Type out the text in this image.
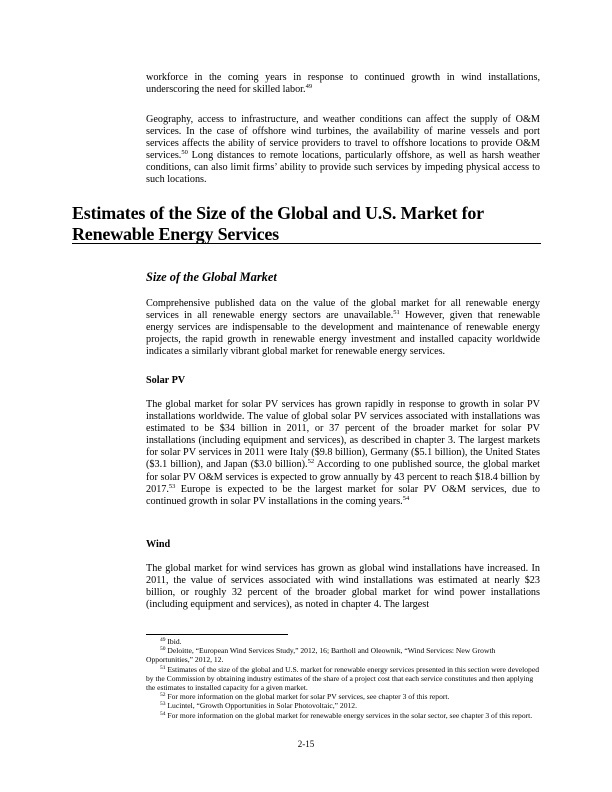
workforce in the coming years in response to continued growth in wind installations, underscoring the need for skilled labor.$^{49}$

Geography, access to infrastructure, and weather conditions can affect the supply of O&M services. In the case of offshore wind turbines, the availability of marine vessels and port services affects the ability of service providers to travel to offshore locations to provide O&M services.$^{50}$ Long distances to remote locations, particularly offshore, as well as harsh weather conditions, can also limit firms’ ability to provide such services by impeding physical access to such locations.

Estimates of the Size of the Global and U.S. Market for Renewable Energy Services
Size of the Global Market

Comprehensive published data on the value of the global market for all renewable energy services in all renewable energy sectors are unavailable.$^{51}$ However, given that renewable energy services are indispensable to the development and maintenance of renewable energy projects, the rapid growth in renewable energy investment and installed capacity worldwide indicates a similarly vibrant global market for renewable energy services.

Solar PV

The global market for solar PV services has grown rapidly in response to growth in solar PV installations worldwide. The value of global solar PV services associated with installations was estimated to be $34 billion in 2011, or 37 percent of the broader market for solar PV installations (including equipment and services), as described in chapter 3. The largest markets for solar PV services in 2011 were Italy ($9.8 billion), Germany ($5.1 billion), the United States ($3.1 billion), and Japan ($3.0 billion).$^{52}$ According to one published source, the global market for solar PV O&M services is expected to grow annually by 43 percent to reach $18.4 billion by 2017.53 Europe is expected to be the largest market for solar PV O&M services, due to continued growth in solar PV installations in the coming years.$^{54}$

Wind

The global market for wind services has grown as global wind installations have increased. In 2011, the value of services associated with wind installations was estimated at nearly $23 billion, or roughly 32 percent of the broader global market for wind power installations (including equipment and services), as noted in chapter 4. The largest

$^{49}$ Ibid.

$^{50}$ Deloitte, “European Wind Services Study,” 2012, 16; Bartholl and Oleownik, “Wind Services: New Growth Opportunities,” 2012, 12.

$^{51}$ Estimates of the size of the global and U.S. market for renewable energy services presented in this section were developed by the Commission by obtaining industry estimates of the share of a project cost that each service constitutes and then applying the estimates to installed capacity for a given market.

$^{52}$ For more information on the global market for solar PV services, see chapter 3 of this report.

$^{53}$ Lucintel, “Growth Opportunities in Solar Photovoltaic,” 2012.

$^{54}$ For more information on the global market for renewable energy services in the solar sector, see chapter 3 of this report.

2-15
